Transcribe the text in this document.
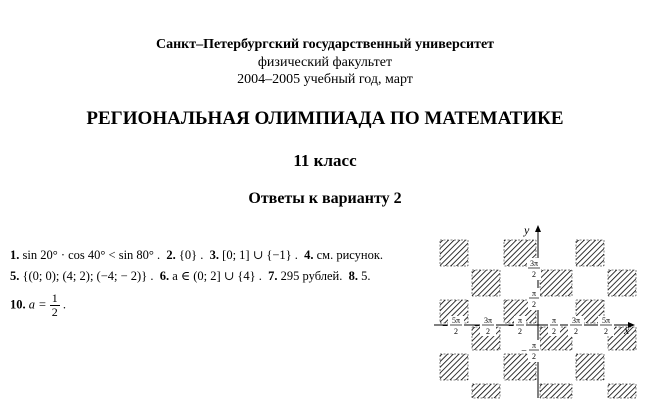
Санкт–Петербургский государственный университет
физический факультет
2004–2005 учебный год, март
РЕГИОНАЛЬНАЯ ОЛИМПИАДА ПО МАТЕМАТИКЕ
11 класс
Ответы к варианту 2
1. sin 20° · cos 40° < sin 80° . 2. {0} . 3. [0; 1] ∪ {−1} . 4. см. рисунок.
5. {(0; 0); (4; 2); (−4; − 2)} . 6. a ∈ (0; 2] ∪ {4} . 7. 295 рублей. 8. 5.
10. $a = \frac{1}{2}$ .
y
x
5π
2
–	3π
2
–	π
2
–	π
2
3π
2
5π
2
3π
2
π
2
π
2
–
